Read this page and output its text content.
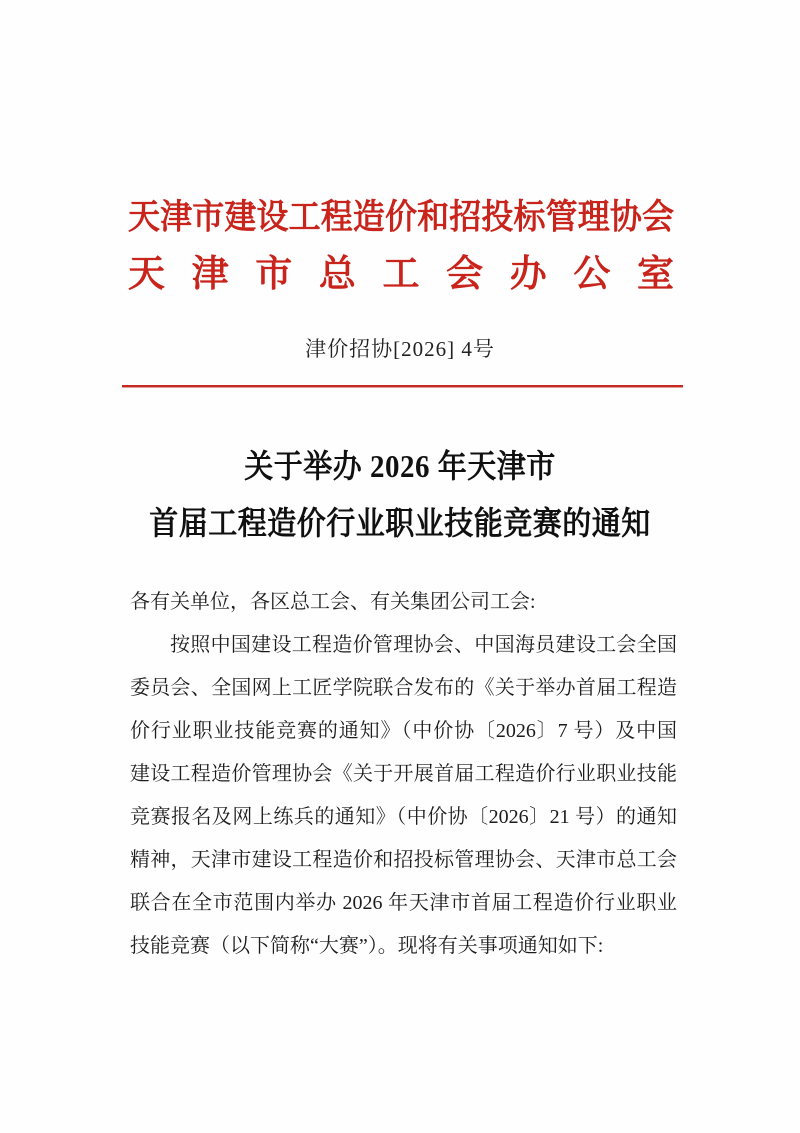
天津市建设工程造价和招投标管理协会
天津市总工会办公室
津价招协[2026] 4号
关于举办 2026 年天津市
首届工程造价行业职业技能竞赛的通知
各有关单位，各区总工会、有关集团公司工会:
按照中国建设工程造价管理协会、中国海员建设工会全国
委员会、全国网上工匠学院联合发布的《关于举办首届工程造
价行业职业技能竞赛的通知》（中价协〔2026〕7 号）及中国
建设工程造价管理协会《关于开展首届工程造价行业职业技能
竞赛报名及网上练兵的通知》（中价协〔2026〕21 号）的通知
精神，天津市建设工程造价和招投标管理协会、天津市总工会
联合在全市范围内举办 2026 年天津市首届工程造价行业职业
技能竞赛（以下简称“大赛”）。现将有关事项通知如下:
